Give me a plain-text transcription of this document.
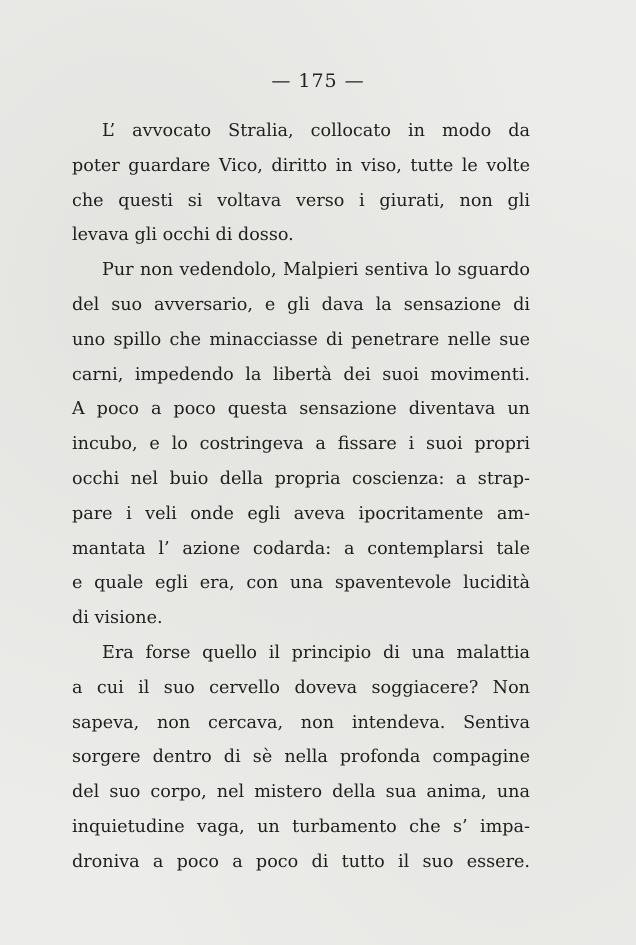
— 175 —
L’ avvocato Stralia, collocato in modo da
poter guardare Vico, diritto in viso, tutte le volte
che questi si voltava verso i giurati, non gli
levava gli occhi di dosso.
Pur non vedendolo, Malpieri sentiva lo sguardo
del suo avversario, e gli dava la sensazione di
uno spillo che minacciasse di penetrare nelle sue
carni, impedendo la libertà dei suoi movimenti.
A poco a poco questa sensazione diventava un
incubo, e lo costringeva a fissare i suoi propri
occhi nel buio della propria coscienza: a strap-
pare i veli onde egli aveva ipocritamente am-
mantata l’ azione codarda: a contemplarsi tale
e quale egli era, con una spaventevole lucidità
di visione.
Era forse quello il principio di una malattia
a cui il suo cervello doveva soggiacere? Non
sapeva, non cercava, non intendeva. Sentiva
sorgere dentro di sè nella profonda compagine
del suo corpo, nel mistero della sua anima, una
inquietudine vaga, un turbamento che s’ impa-
droniva a poco a poco di tutto il suo essere.
